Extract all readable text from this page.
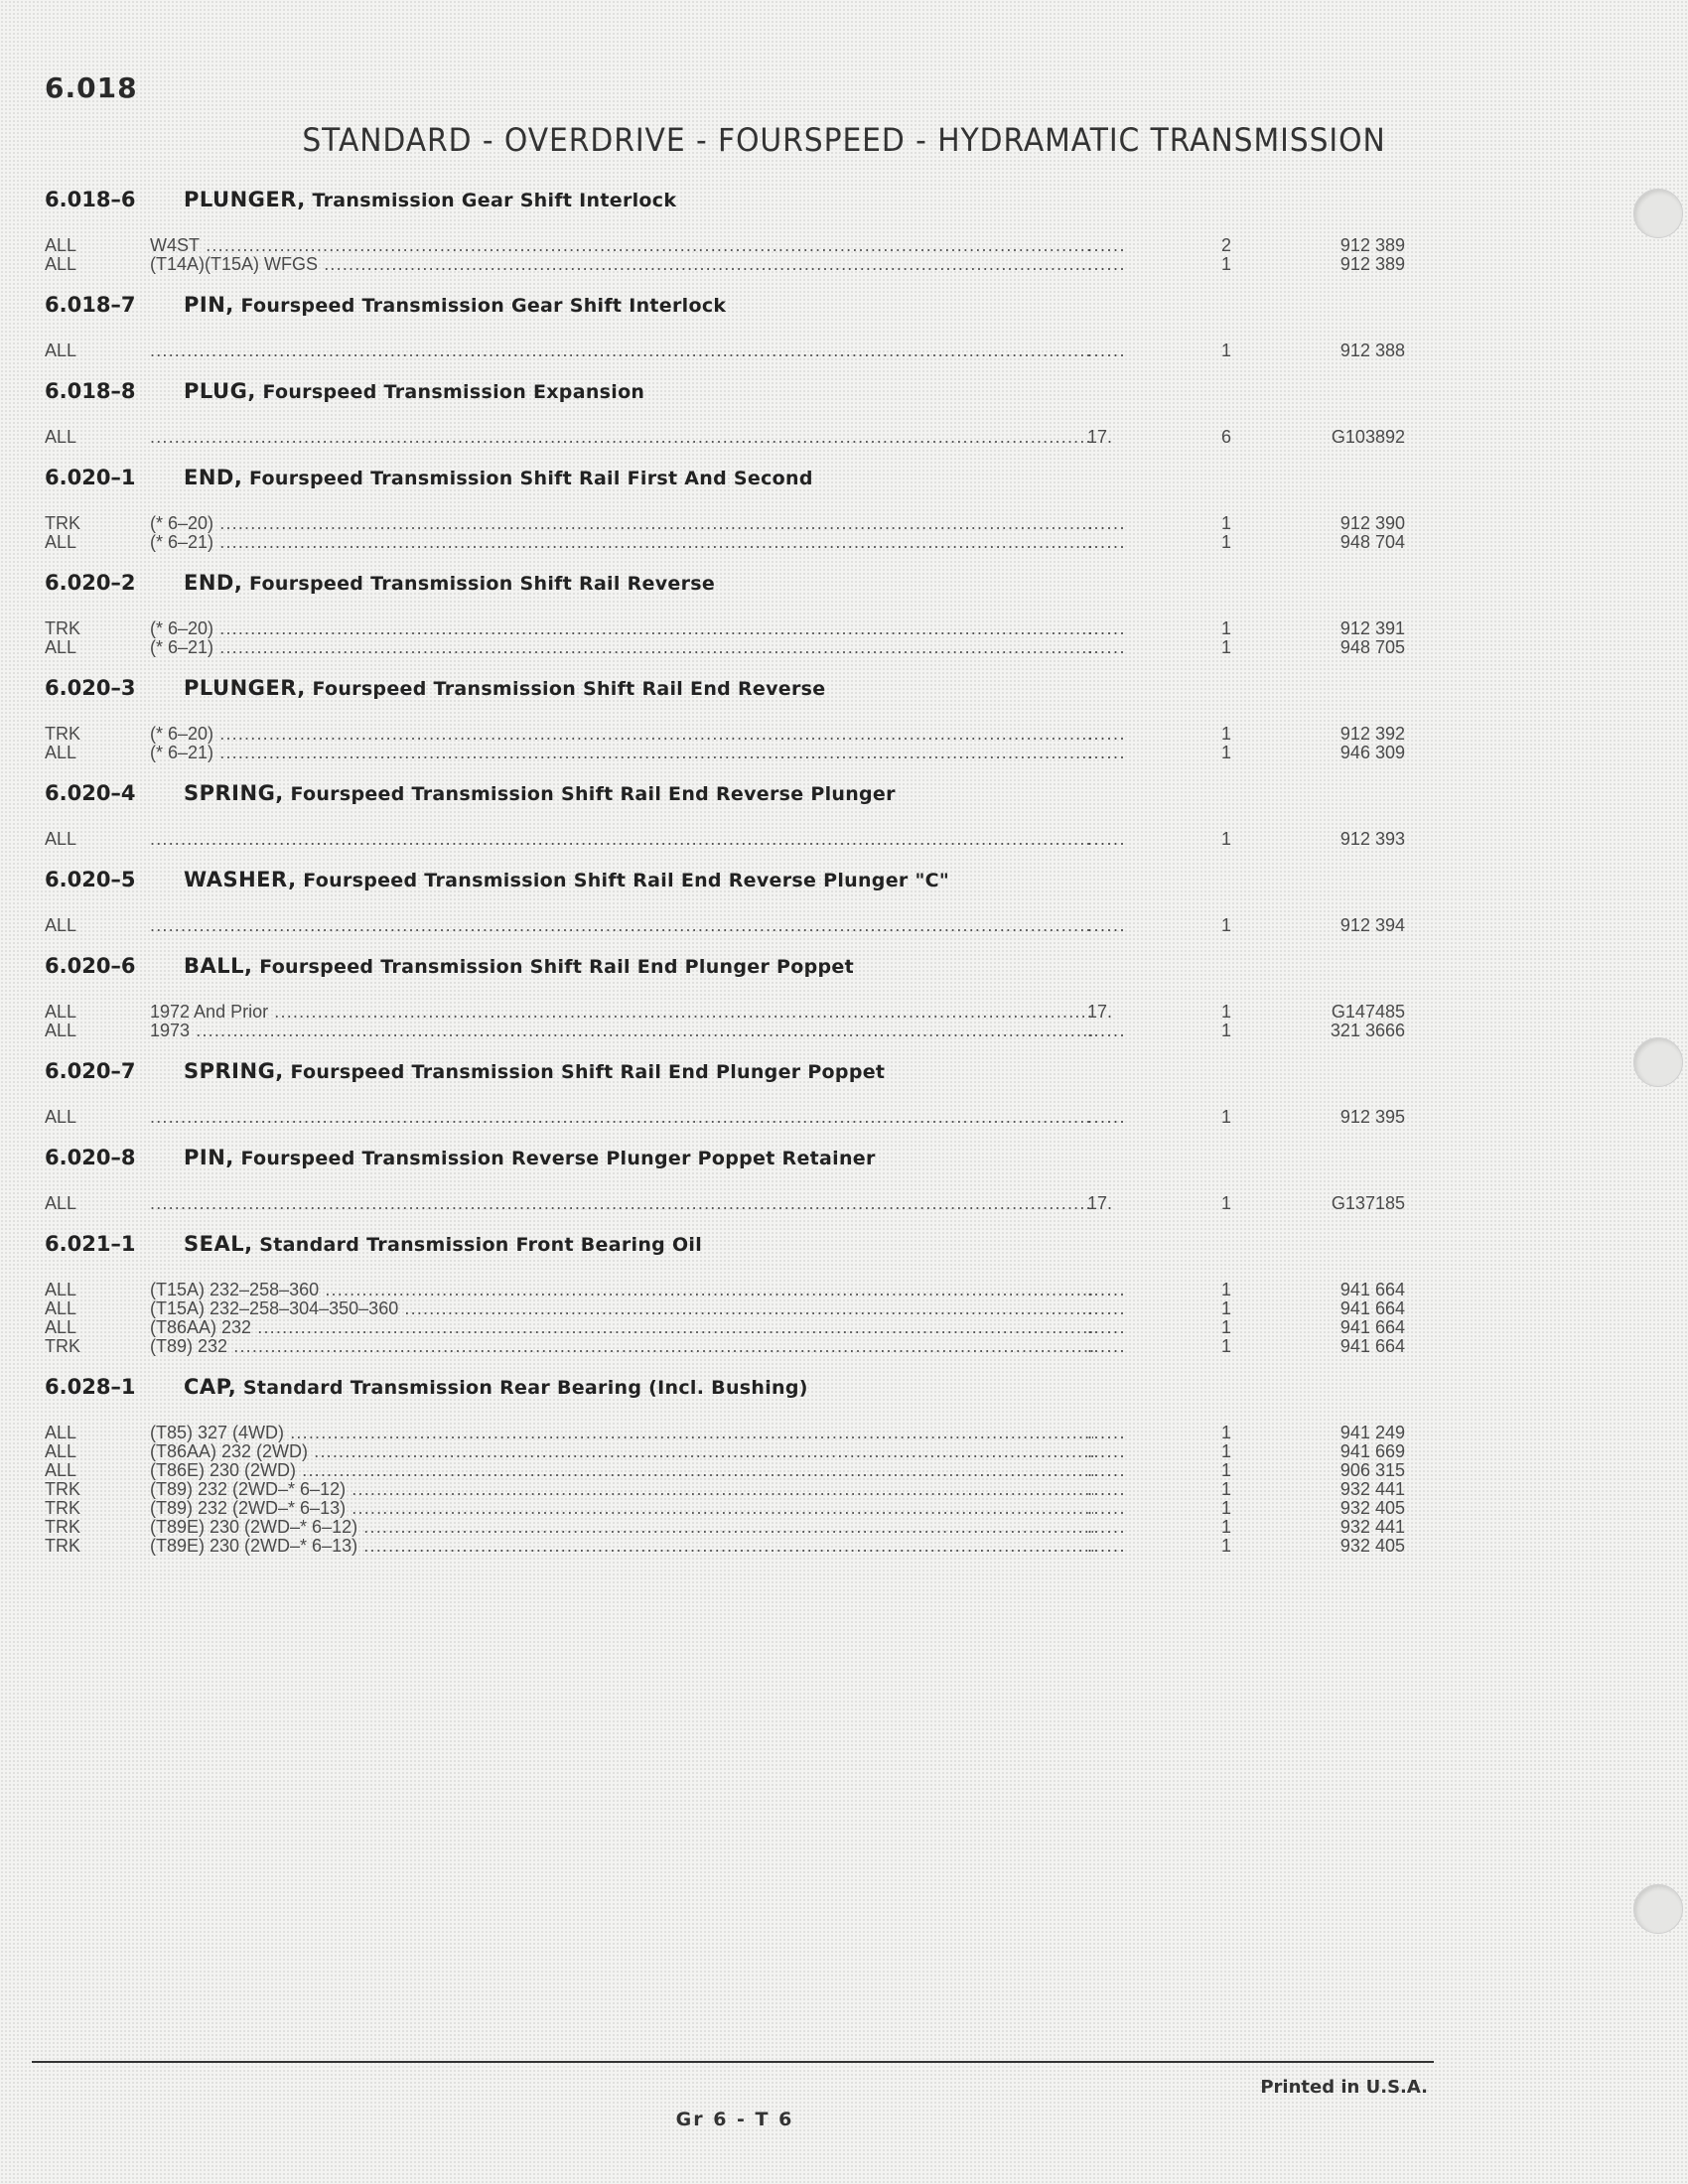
6.018
STANDARD - OVERDRIVE - FOURSPEED - HYDRAMATIC TRANSMISSION
6.018–6 PLUNGER, Transmission Gear Shift Interlock
ALL	W4ST .....	......	2	912 389
ALL	(T14A)(T15A) WFGS .....	......	1	912 389
6.018–7 PIN, Fourspeed Transmission Gear Shift Interlock
ALL .....	......	1	912 388
6.018–8 PLUG, Fourspeed Transmission Expansion
ALL .....	17.	6	G103892
6.020–1 END, Fourspeed Transmission Shift Rail First And Second
TRK	(* 6–20) .....	......	1	912 390
ALL	(* 6–21) .....	......	1	948 704
6.020–2 END, Fourspeed Transmission Shift Rail Reverse
TRK	(* 6–20) .....	......	1	912 391
ALL	(* 6–21) .....	......	1	948 705
6.020–3 PLUNGER, Fourspeed Transmission Shift Rail End Reverse
TRK	(* 6–20) .....	......	1	912 392
ALL	(* 6–21) .....	......	1	946 309
6.020–4 SPRING, Fourspeed Transmission Shift Rail End Reverse Plunger
ALL .....	......	1	912 393
6.020–5 WASHER, Fourspeed Transmission Shift Rail End Reverse Plunger "C"
ALL .....	......	1	912 394
6.020–6 BALL, Fourspeed Transmission Shift Rail End Plunger Poppet
ALL	1972 And Prior .....	17.	1	G147485
ALL	1973 .....	......	1	321 3666
6.020–7 SPRING, Fourspeed Transmission Shift Rail End Plunger Poppet
ALL .....	......	1	912 395
6.020–8 PIN, Fourspeed Transmission Reverse Plunger Poppet Retainer
ALL .....	17.	1	G137185
6.021–1 SEAL, Standard Transmission Front Bearing Oil
ALL	(T15A) 232–258–360 .....	......	1	941 664
ALL	(T15A) 232–258–304–350–360 .....	......	1	941 664
ALL	(T86AA) 232 .....	......	1	941 664
TRK	(T89) 232 .....	......	1	941 664
6.028–1 CAP, Standard Transmission Rear Bearing (Incl. Bushing)
ALL	(T85) 327 (4WD) .....	......	1	941 249
ALL	(T86AA) 232 (2WD) .....	......	1	941 669
ALL	(T86E) 230 (2WD) .....	......	1	906 315
TRK	(T89) 232 (2WD–* 6–12) .....	......	1	932 441
TRK	(T89) 232 (2WD–* 6–13) .....	......	1	932 405
TRK	(T89E) 230 (2WD–* 6–12) .....	......	1	932 441
TRK	(T89E) 230 (2WD–* 6–13) .....	......	1	932 405
Printed in U.S.A.
Gr 6 - T 6
